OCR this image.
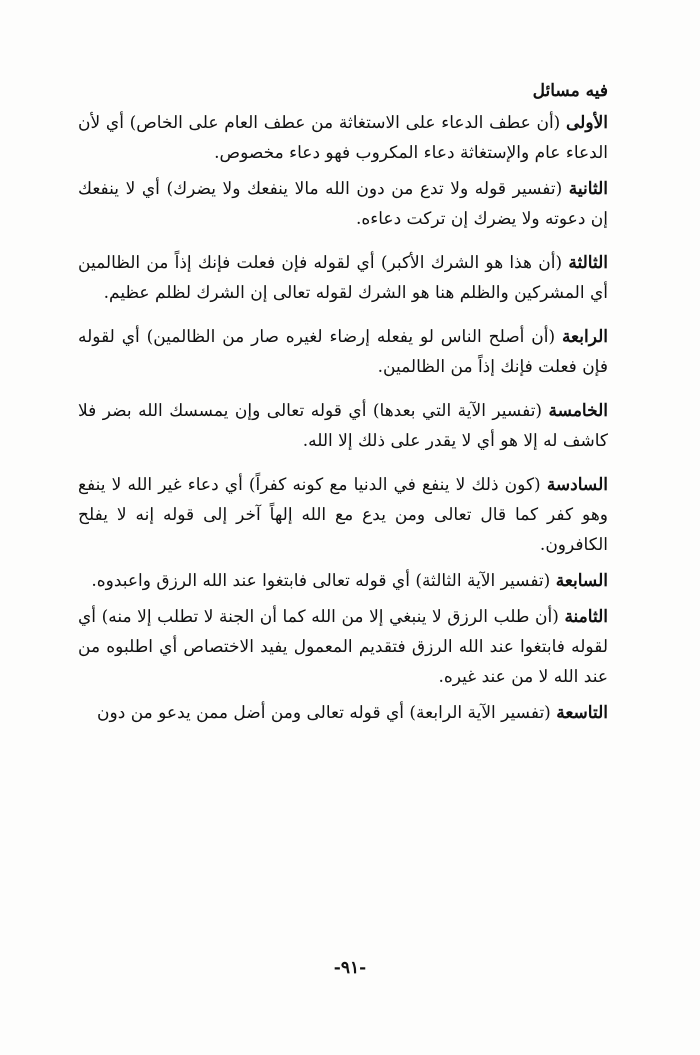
فيه مسائل

الأولى (أن عطف الدعاء على الاستغاثة من عطف العام على الخاص) أي لأن الدعاء عام والإستغاثة دعاء المكروب فهو دعاء مخصوص.

الثانية (تفسير قوله ولا تدع من دون الله مالا ينفعك ولا يضرك) أي لا ينفعك إن دعوته ولا يضرك إن تركت دعاءه.

الثالثة (أن هذا هو الشرك الأكبر) أي لقوله فإن فعلت فإنك إذاً من الظالمين أي المشركين والظلم هنا هو الشرك لقوله تعالى إن الشرك لظلم عظيم.

الرابعة (أن أصلح الناس لو يفعله إرضاء لغيره صار من الظالمين) أي لقوله فإن فعلت فإنك إذاً من الظالمين.

الخامسة (تفسير الآية التي بعدها) أي قوله تعالى وإن يمسسك الله بضر فلا كاشف له إلا هو أي لا يقدر على ذلك إلا الله.

السادسة (كون ذلك لا ينفع في الدنيا مع كونه كفراً) أي دعاء غير الله لا ينفع وهو كفر كما قال تعالى ومن يدع مع الله إلهاً آخر إلى قوله إنه لا يفلح الكافرون.

السابعة (تفسير الآية الثالثة) أي قوله تعالى فابتغوا عند الله الرزق واعبدوه.

الثامنة (أن طلب الرزق لا ينبغي إلا من الله كما أن الجنة لا تطلب إلا منه) أي لقوله فابتغوا عند الله الرزق فتقديم المعمول يفيد الاختصاص أي اطلبوه من عند الله لا من عند غيره.

التاسعة (تفسير الآية الرابعة) أي قوله تعالى ومن أضل ممن يدعو من دون

-٩١-
